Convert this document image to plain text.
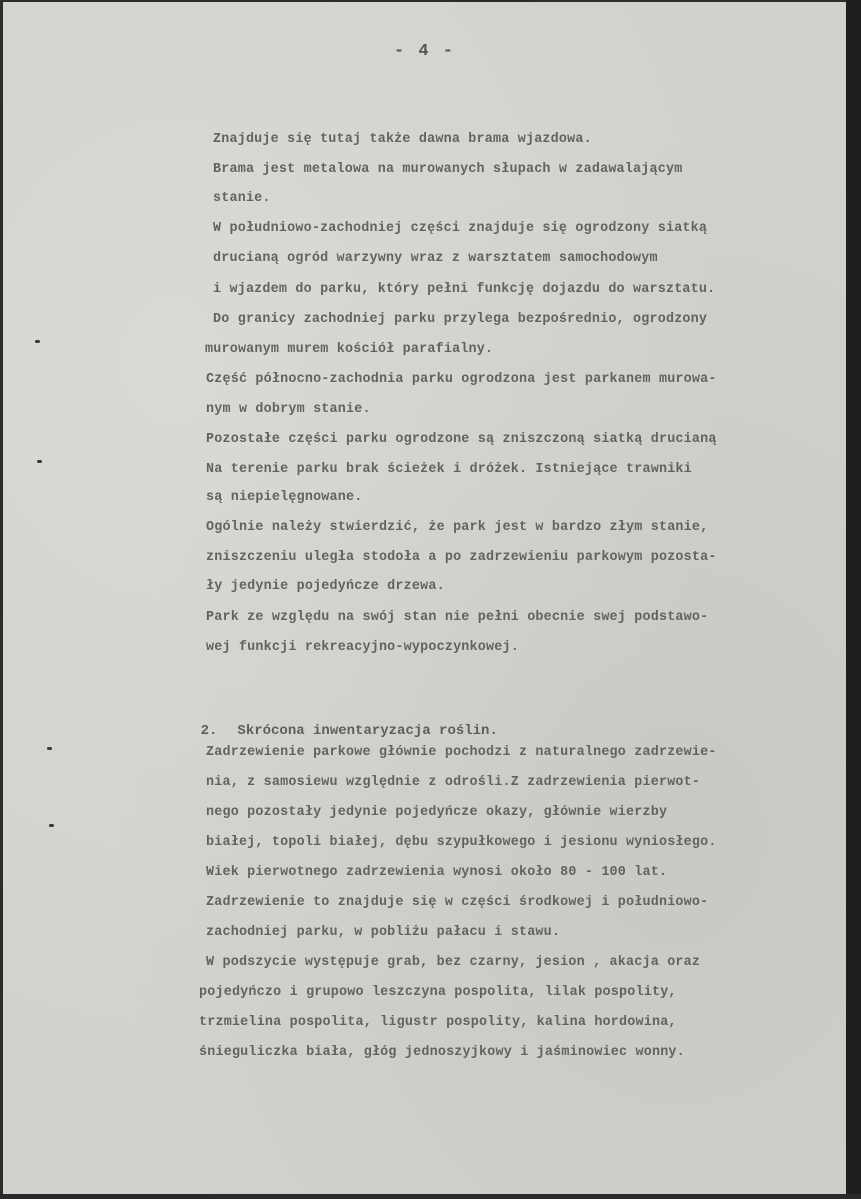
- 4 -
Znajduje się tutaj także dawna brama wjazdowa.
Brama jest metalowa na murowanych słupach w zadawalającym
stanie.
W południowo-zachodniej części znajduje się ogrodzony siatką
drucianą ogród warzywny wraz z warsztatem samochodowym
i wjazdem do parku, który pełni funkcję dojazdu do warsztatu.
Do granicy zachodniej parku przylega bezpośrednio, ogrodzony
murowanym murem kościół parafialny.
Część północno-zachodnia parku ogrodzona jest parkanem murowa-
nym w dobrym stanie.
Pozostałe części parku ogrodzone są zniszczoną siatką drucianą
Na terenie parku brak ścieżek i dróżek. Istniejące trawniki
są niepielęgnowane.
Ogólnie należy stwierdzić, że park jest w bardzo złym stanie,
zniszczeniu uległa stodoła a po zadrzewieniu parkowym pozosta-
ły jedynie pojedyńcze drzewa.
Park ze względu na swój stan nie pełni obecnie swej podstawo-
wej funkcji rekreacyjno-wypoczynkowej.

2. Skrócona inwentaryzacja roślin.

Zadrzewienie parkowe głównie pochodzi z naturalnego zadrzewie-
nia, z samosiewu względnie z odrośli.Z zadrzewienia pierwot-
nego pozostały jedynie pojedyńcze okazy, głównie wierzby
białej, topoli białej, dębu szypułkowego i jesionu wyniosłego.
Wiek pierwotnego zadrzewienia wynosi około 80 - 100 lat.
Zadrzewienie to znajduje się w części środkowej i południowo-
zachodniej parku, w pobliżu pałacu i stawu.
W podszycie występuje grab, bez czarny, jesion , akacja oraz
pojedyńczo i grupowo leszczyna pospolita, lilak pospolity,
trzmielina pospolita, ligustr pospolity, kalina hordowina,
śnieguliczka biała, głóg jednoszyjkowy i jaśminowiec wonny.
